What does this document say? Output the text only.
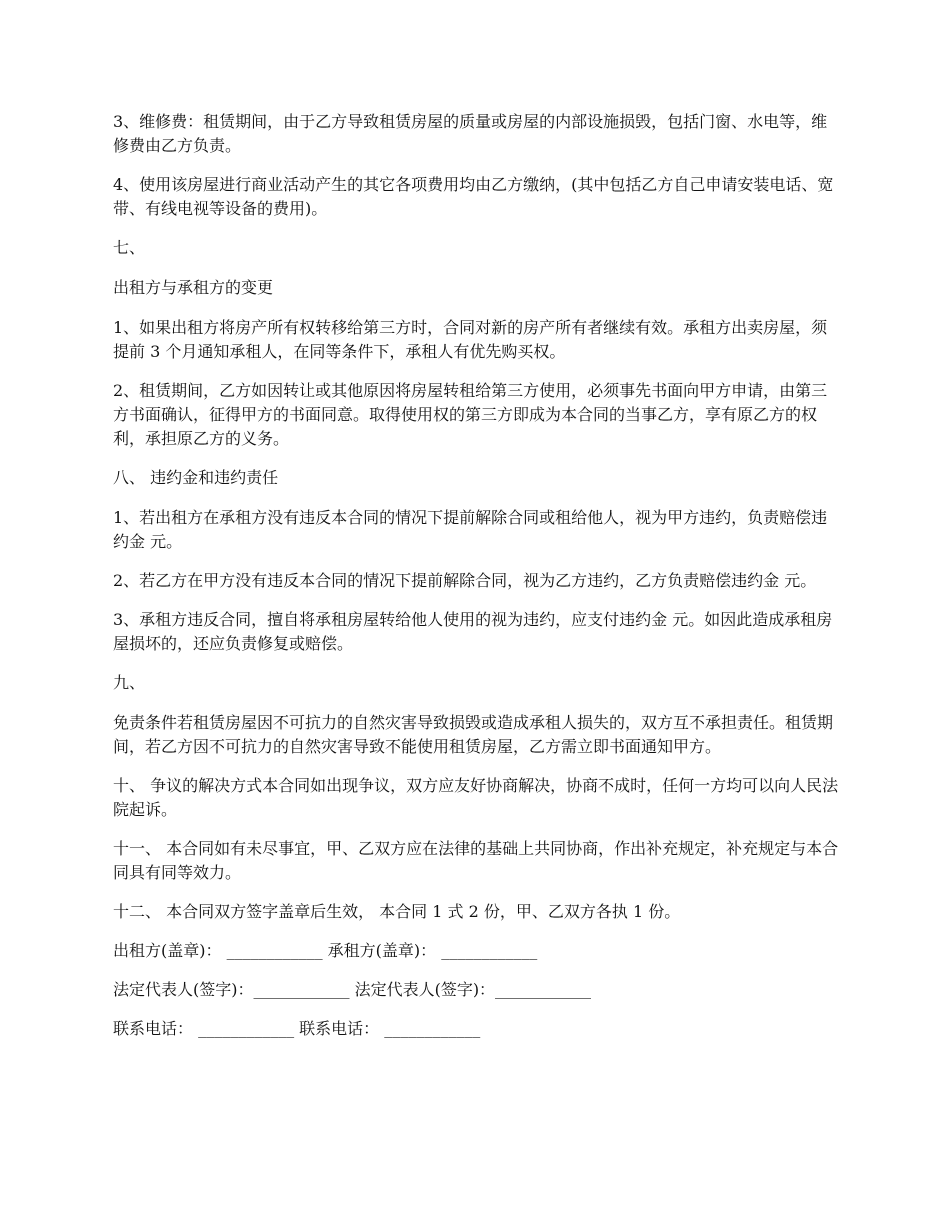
3、维修费：租赁期间，由于乙方导致租赁房屋的质量或房屋的内部设施损毁，包括门窗、水电等，维修费由乙方负责。

4、使用该房屋进行商业活动产生的其它各项费用均由乙方缴纳，(其中包括乙方自己申请安装电话、宽带、有线电视等设备的费用)。

七、

出租方与承租方的变更

1、如果出租方将房产所有权转移给第三方时，合同对新的房产所有者继续有效。承租方出卖房屋，须提前 3 个月通知承租人，在同等条件下，承租人有优先购买权。

2、租赁期间，乙方如因转让或其他原因将房屋转租给第三方使用，必须事先书面向甲方申请，由第三方书面确认，征得甲方的书面同意。取得使用权的第三方即成为本合同的当事乙方，享有原乙方的权利，承担原乙方的义务。

八、 违约金和违约责任

1、若出租方在承租方没有违反本合同的情况下提前解除合同或租给他人，视为甲方违约，负责赔偿违约金 元。

2、若乙方在甲方没有违反本合同的情况下提前解除合同，视为乙方违约，乙方负责赔偿违约金 元。

3、承租方违反合同，擅自将承租房屋转给他人使用的视为违约，应支付违约金 元。如因此造成承租房屋损坏的，还应负责修复或赔偿。

九、

免责条件若租赁房屋因不可抗力的自然灾害导致损毁或造成承租人损失的，双方互不承担责任。租赁期间，若乙方因不可抗力的自然灾害导致不能使用租赁房屋，乙方需立即书面通知甲方。

十、 争议的解决方式本合同如出现争议，双方应友好协商解决，协商不成时，任何一方均可以向人民法院起诉。

十一、 本合同如有未尽事宜，甲、乙双方应在法律的基础上共同协商，作出补充规定，补充规定与本合同具有同等效力。

十二、 本合同双方签字盖章后生效， 本合同 1 式 2 份，甲、乙双方各执 1 份。

出租方(盖章)： ____________ 承租方(盖章)： ____________

法定代表人(签字)：____________ 法定代表人(签字)：____________

联系电话： ____________ 联系电话： ____________
